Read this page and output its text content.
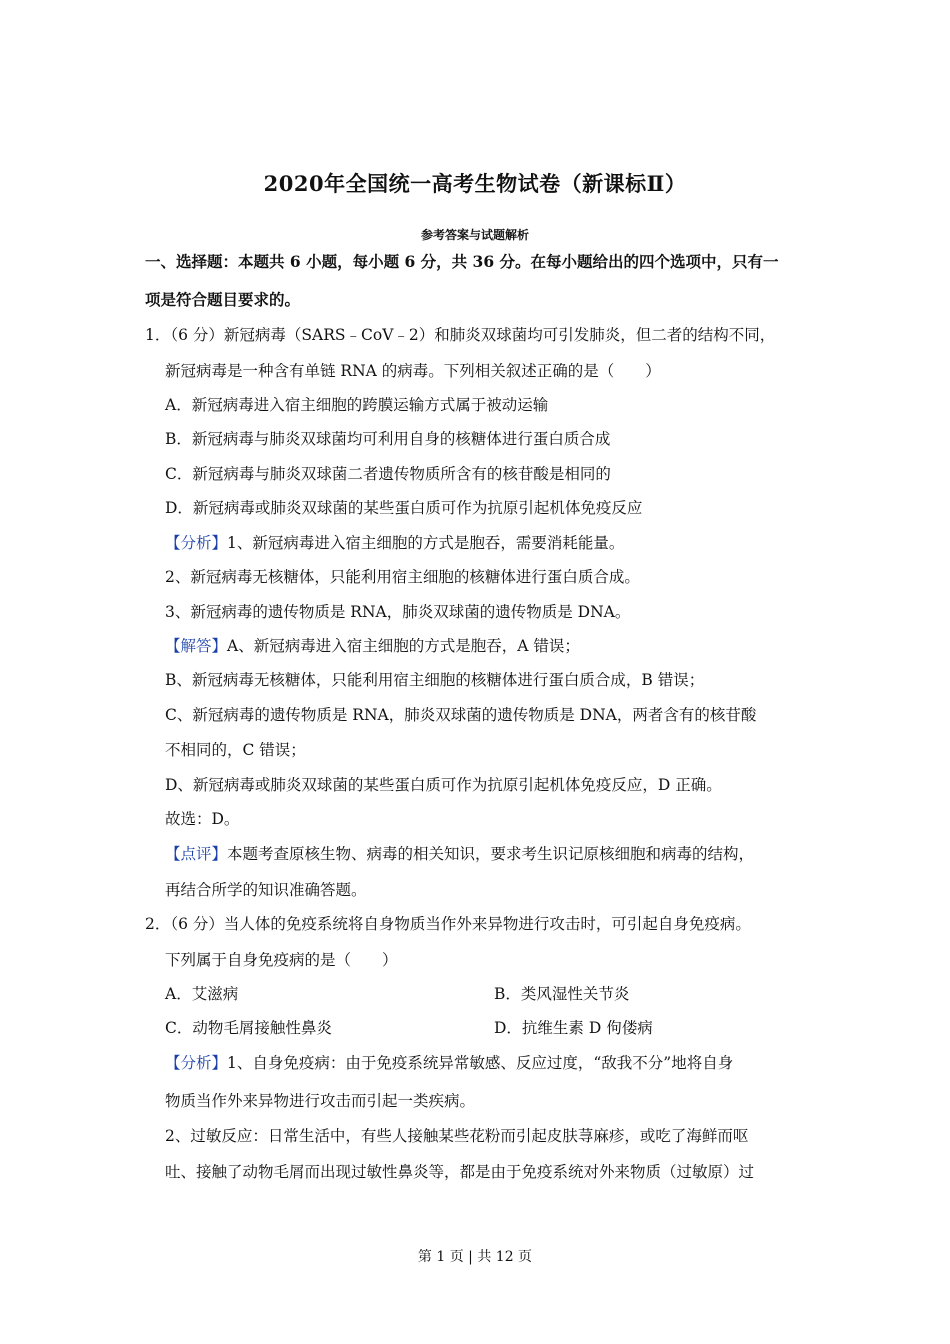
2020年全国统一高考生物试卷（新课标Ⅱ）
参考答案与试题解析
一、选择题：本题共 6 小题，每小题 6 分，共 36 分。在每小题给出的四个选项中，只有一
项是符合题目要求的。
1．（6 分）新冠病毒（SARS﹣CoV﹣2）和肺炎双球菌均可引发肺炎，但二者的结构不同，
新冠病毒是一种含有单链 RNA 的病毒。下列相关叙述正确的是（　　）
A．新冠病毒进入宿主细胞的跨膜运输方式属于被动运输
B．新冠病毒与肺炎双球菌均可利用自身的核糖体进行蛋白质合成
C．新冠病毒与肺炎双球菌二者遗传物质所含有的核苷酸是相同的
D．新冠病毒或肺炎双球菌的某些蛋白质可作为抗原引起机体免疫反应
【分析】1、新冠病毒进入宿主细胞的方式是胞吞，需要消耗能量。
2、新冠病毒无核糖体，只能利用宿主细胞的核糖体进行蛋白质合成。
3、新冠病毒的遗传物质是 RNA，肺炎双球菌的遗传物质是 DNA。
【解答】A、新冠病毒进入宿主细胞的方式是胞吞，A 错误；
B、新冠病毒无核糖体，只能利用宿主细胞的核糖体进行蛋白质合成，B 错误；
C、新冠病毒的遗传物质是 RNA，肺炎双球菌的遗传物质是 DNA，两者含有的核苷酸
不相同的，C 错误；
D、新冠病毒或肺炎双球菌的某些蛋白质可作为抗原引起机体免疫反应，D 正确。
故选：D。
【点评】本题考查原核生物、病毒的相关知识，要求考生识记原核细胞和病毒的结构，
再结合所学的知识准确答题。
2．（6 分）当人体的免疫系统将自身物质当作外来异物进行攻击时，可引起自身免疫病。
下列属于自身免疫病的是（　　）
A．艾滋病	B．类风湿性关节炎
C．动物毛屑接触性鼻炎	D．抗维生素 D 佝偻病
【分析】1、自身免疫病：由于免疫系统异常敏感、反应过度，“敌我不分”地将自身
物质当作外来异物进行攻击而引起一类疾病。
2、过敏反应：日常生活中，有些人接触某些花粉而引起皮肤荨麻疹，或吃了海鲜而呕
吐、接触了动物毛屑而出现过敏性鼻炎等，都是由于免疫系统对外来物质（过敏原）过
第 1 页 | 共 12 页
